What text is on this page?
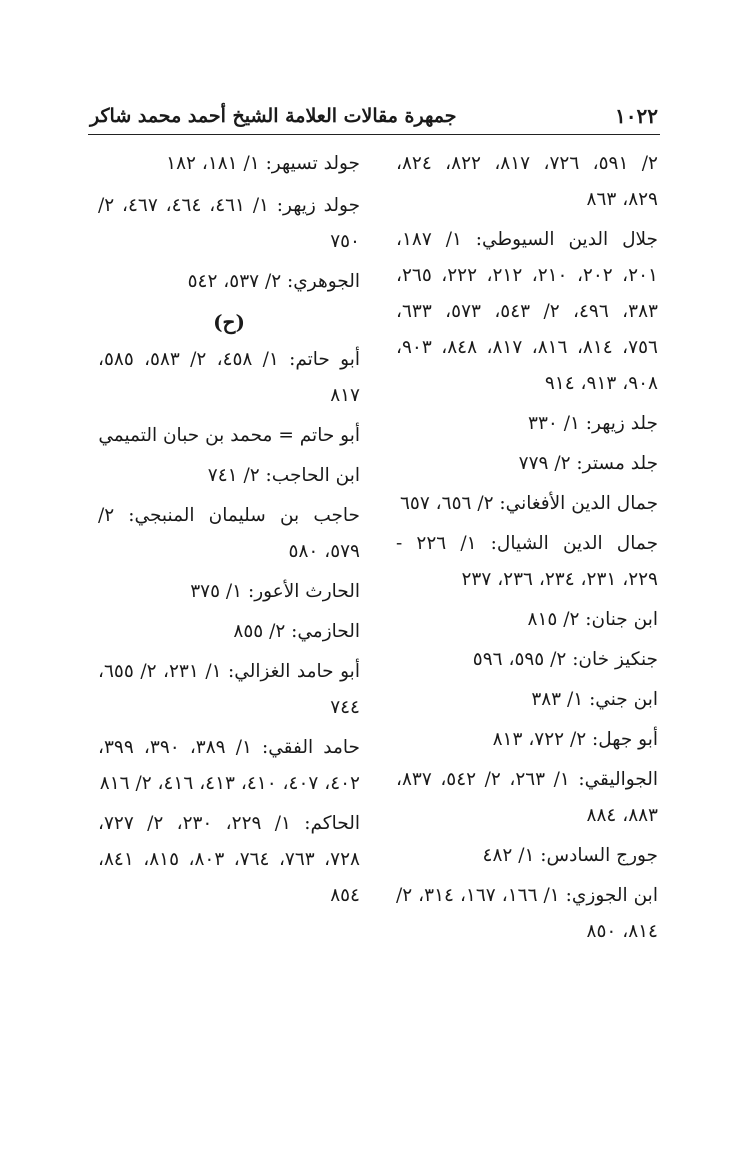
١٠٢٢
جمهرة مقالات العلامة الشيخ أحمد محمد شاكر

٢/ ٥٩١، ٧٢٦، ٨١٧، ٨٢٢، ٨٢٤، ٨٢٩، ٨٦٣

جلال الدين السيوطي: ١/ ١٨٧، ٢٠١، ٢٠٢، ٢١٠، ٢١٢، ٢٢٢، ٢٦٥، ٣٨٣، ٤٩٦، ٢/ ٥٤٣، ٥٧٣، ٦٣٣، ٧٥٦، ٨١٤، ٨١٦، ٨١٧، ٨٤٨، ٩٠٣، ٩٠٨، ٩١٣، ٩١٤

جلد زيهر: ١/ ٣٣٠

جلد مستر: ٢/ ٧٧٩

جمال الدين الأفغاني: ٢/ ٦٥٦، ٦٥٧

جمال الدين الشيال: ١/ ٢٢٦ - ٢٢٩، ٢٣١، ٢٣٤، ٢٣٦، ٢٣٧

ابن جنان: ٢/ ٨١٥

جنكيز خان: ٢/ ٥٩٥، ٥٩٦

ابن جني: ١/ ٣٨٣

أبو جهل: ٢/ ٧٢٢، ٨١٣

الجواليقي: ١/ ٢٦٣، ٢/ ٥٤٢، ٨٣٧، ٨٨٣، ٨٨٤

جورج السادس: ١/ ٤٨٢

ابن الجوزي: ١/ ١٦٦، ١٦٧، ٣١٤، ٢/ ٨١٤، ٨٥٠

جولد تسيهر: ١/ ١٨١، ١٨٢

جولد زيهر: ١/ ٤٦١، ٤٦٤، ٤٦٧، ٢/ ٧٥٠

الجوهري: ٢/ ٥٣٧، ٥٤٢

(ح)

أبو حاتم: ١/ ٤٥٨، ٢/ ٥٨٣، ٥٨٥، ٨١٧

أبو حاتم = محمد بن حبان التميمي

ابن الحاجب: ٢/ ٧٤١

حاجب بن سليمان المنبجي: ٢/ ٥٧٩، ٥٨٠

الحارث الأعور: ١/ ٣٧٥

الحازمي: ٢/ ٨٥٥

أبو حامد الغزالي: ١/ ٢٣١، ٢/ ٦٥٥، ٧٤٤

حامد الفقي: ١/ ٣٨٩، ٣٩٠، ٣٩٩، ٤٠٢، ٤٠٧، ٤١٠، ٤١٣، ٤١٦، ٢/ ٨١٦

الحاكم: ١/ ٢٢٩، ٢٣٠، ٢/ ٧٢٧، ٧٢٨، ٧٦٣، ٧٦٤، ٨٠٣، ٨١٥، ٨٤١، ٨٥٤
